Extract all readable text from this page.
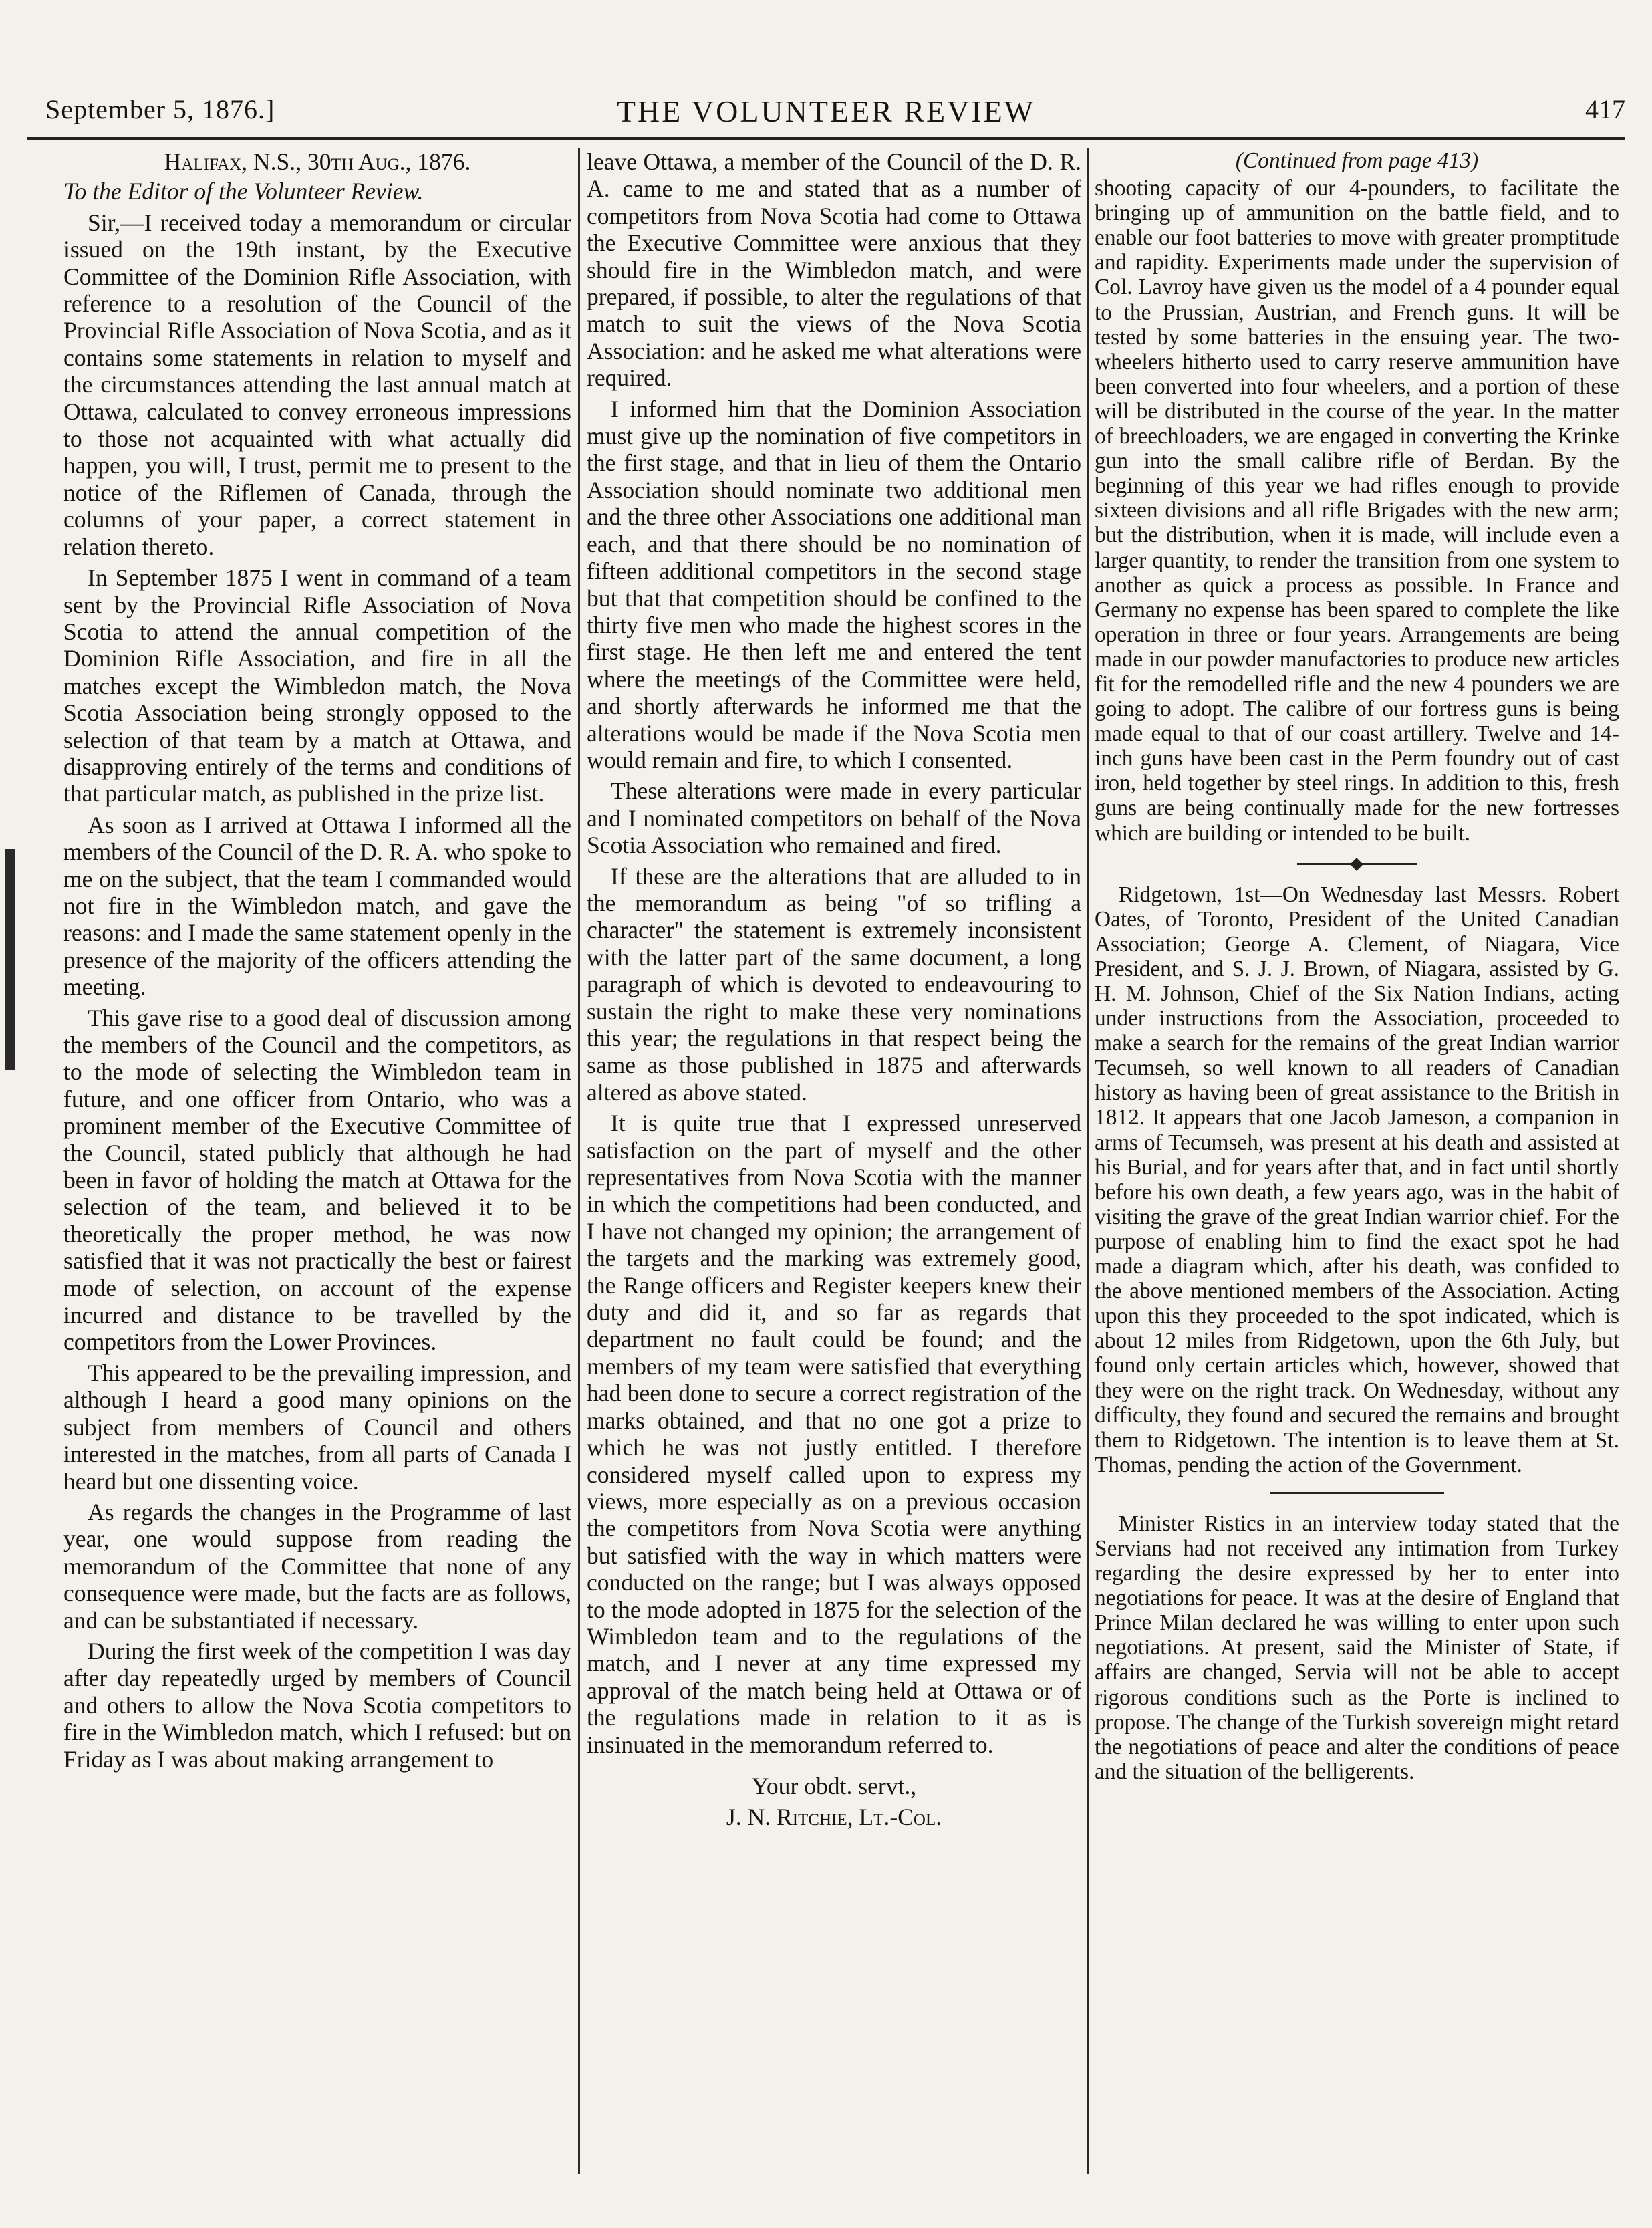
September 5, 1876.]	THE VOLUNTEER REVIEW	417

Halifax, N.S., 30th Aug., 1876.

To the Editor of the Volunteer Review.

Sir,—I received today a memorandum or circular issued on the 19th instant, by the Executive Committee of the Dominion Rifle Association, with reference to a resolution of the Council of the Provincial Rifle Association of Nova Scotia, and as it contains some statements in relation to myself and the circumstances attending the last annual match at Ottawa, calculated to convey erroneous impressions to those not acquainted with what actually did happen, you will, I trust, permit me to present to the notice of the Riflemen of Canada, through the columns of your paper, a correct statement in relation thereto.

In September 1875 I went in command of a team sent by the Provincial Rifle Association of Nova Scotia to attend the annual competition of the Dominion Rifle Association, and fire in all the matches except the Wimbledon match, the Nova Scotia Association being strongly opposed to the selection of that team by a match at Ottawa, and disapproving entirely of the terms and conditions of that particular match, as published in the prize list.

As soon as I arrived at Ottawa I informed all the members of the Council of the D. R. A. who spoke to me on the subject, that the team I commanded would not fire in the Wimbledon match, and gave the reasons: and I made the same statement openly in the presence of the majority of the officers attending the meeting.

This gave rise to a good deal of discussion among the members of the Council and the competitors, as to the mode of selecting the Wimbledon team in future, and one officer from Ontario, who was a prominent member of the Executive Committee of the Council, stated publicly that although he had been in favor of holding the match at Ottawa for the selection of the team, and believed it to be theoretically the proper method, he was now satisfied that it was not practically the best or fairest mode of selection, on account of the expense incurred and distance to be travelled by the competitors from the Lower Provinces.

This appeared to be the prevailing impression, and although I heard a good many opinions on the subject from members of Council and others interested in the matches, from all parts of Canada I heard but one dissenting voice.

As regards the changes in the Programme of last year, one would suppose from reading the memorandum of the Committee that none of any consequence were made, but the facts are as follows, and can be substantiated if necessary.

During the first week of the competition I was day after day repeatedly urged by members of Council and others to allow the Nova Scotia competitors to fire in the Wimbledon match, which I refused: but on Friday as I was about making arrangement to

leave Ottawa, a member of the Council of the D. R. A. came to me and stated that as a number of competitors from Nova Scotia had come to Ottawa the Executive Committee were anxious that they should fire in the Wimbledon match, and were prepared, if possible, to alter the regulations of that match to suit the views of the Nova Scotia Association: and he asked me what alterations were required.

I informed him that the Dominion Association must give up the nomination of five competitors in the first stage, and that in lieu of them the Ontario Association should nominate two additional men and the three other Associations one additional man each, and that there should be no nomination of fifteen additional competitors in the second stage but that that competition should be confined to the thirty five men who made the highest scores in the first stage. He then left me and entered the tent where the meetings of the Committee were held, and shortly afterwards he informed me that the alterations would be made if the Nova Scotia men would remain and fire, to which I consented.

These alterations were made in every particular and I nominated competitors on behalf of the Nova Scotia Association who remained and fired.

If these are the alterations that are alluded to in the memorandum as being "of so trifling a character" the statement is extremely inconsistent with the latter part of the same document, a long paragraph of which is devoted to endeavouring to sustain the right to make these very nominations this year; the regulations in that respect being the same as those published in 1875 and afterwards altered as above stated.

It is quite true that I expressed unreserved satisfaction on the part of myself and the other representatives from Nova Scotia with the manner in which the competitions had been conducted, and I have not changed my opinion; the arrangement of the targets and the marking was extremely good, the Range officers and Register keepers knew their duty and did it, and so far as regards that department no fault could be found; and the members of my team were satisfied that everything had been done to secure a correct registration of the marks obtained, and that no one got a prize to which he was not justly entitled. I therefore considered myself called upon to express my views, more especially as on a previous occasion the competitors from Nova Scotia were anything but satisfied with the way in which matters were conducted on the range; but I was always opposed to the mode adopted in 1875 for the selection of the Wimbledon team and to the regulations of the match, and I never at any time expressed my approval of the match being held at Ottawa or of the regulations made in relation to it as is insinuated in the memorandum referred to.

Your obdt. servt.,

J. N. Ritchie, Lt.-Col.

(Continued from page 413)

shooting capacity of our 4-pounders, to facilitate the bringing up of ammunition on the battle field, and to enable our foot batteries to move with greater promptitude and rapidity. Experiments made under the supervision of Col. Lavroy have given us the model of a 4 pounder equal to the Prussian, Austrian, and French guns. It will be tested by some batteries in the ensuing year. The two-wheelers hitherto used to carry reserve ammunition have been converted into four wheelers, and a portion of these will be distributed in the course of the year. In the matter of breechloaders, we are engaged in converting the Krinke gun into the small calibre rifle of Berdan. By the beginning of this year we had rifles enough to provide sixteen divisions and all rifle Brigades with the new arm; but the distribution, when it is made, will include even a larger quantity, to render the transition from one system to another as quick a process as possible. In France and Germany no expense has been spared to complete the like operation in three or four years. Arrangements are being made in our powder manufactories to produce new articles fit for the remodelled rifle and the new 4 pounders we are going to adopt. The calibre of our fortress guns is being made equal to that of our coast artillery. Twelve and 14-inch guns have been cast in the Perm foundry out of cast iron, held together by steel rings. In addition to this, fresh guns are being continually made for the new fortresses which are building or intended to be built.

Ridgetown, 1st—On Wednesday last Messrs. Robert Oates, of Toronto, President of the United Canadian Association; George A. Clement, of Niagara, Vice President, and S. J. J. Brown, of Niagara, assisted by G. H. M. Johnson, Chief of the Six Nation Indians, acting under instructions from the Association, proceeded to make a search for the remains of the great Indian warrior Tecumseh, so well known to all readers of Canadian history as having been of great assistance to the British in 1812. It appears that one Jacob Jameson, a companion in arms of Tecumseh, was present at his death and assisted at his Burial, and for years after that, and in fact until shortly before his own death, a few years ago, was in the habit of visiting the grave of the great Indian warrior chief. For the purpose of enabling him to find the exact spot he had made a diagram which, after his death, was confided to the above mentioned members of the Association. Acting upon this they proceeded to the spot indicated, which is about 12 miles from Ridgetown, upon the 6th July, but found only certain articles which, however, showed that they were on the right track. On Wednesday, without any difficulty, they found and secured the remains and brought them to Ridgetown. The intention is to leave them at St. Thomas, pending the action of the Government.

Minister Ristics in an interview today stated that the Servians had not received any intimation from Turkey regarding the desire expressed by her to enter into negotiations for peace. It was at the desire of England that Prince Milan declared he was willing to enter upon such negotiations. At present, said the Minister of State, if affairs are changed, Servia will not be able to accept rigorous conditions such as the Porte is inclined to propose. The change of the Turkish sovereign might retard the negotiations of peace and alter the conditions of peace and the situation of the belligerents.
